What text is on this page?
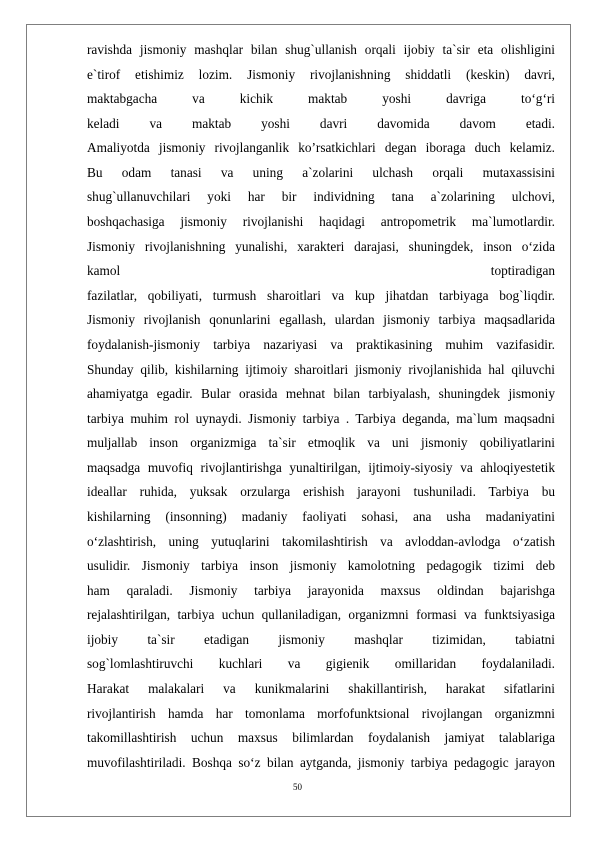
ravishda jismoniy mashqlar bilan shug`ullanish orqali ijobiy ta`sir eta olishligini
e`tirof etishimiz lozim. Jismoniy rivojlanishning shiddatli (keskin) davri,
maktabgacha va kichik maktab yoshi davriga to‘g‘ri
keladi va maktab yoshi davri davomida davom etadi.
Amaliyotda jismoniy rivojlanganlik ko’rsatkichlari degan iboraga duch kelamiz.
Bu odam tanasi va uning a`zolarini ulchash orqali mutaxassisini
shug`ullanuvchilari yoki har bir individning tana a`zolarining ulchovi,
boshqachasiga jismoniy rivojlanishi haqidagi antropometrik ma`lumotlardir.
Jismoniy rivojlanishning yunalishi, xarakteri darajasi, shuningdek, inson o‘zida
kamol toptiradigan
fazilatlar, qobiliyati, turmush sharoitlari va kup jihatdan tarbiyaga bog`liqdir.
Jismoniy rivojlanish qonunlarini egallash, ulardan jismoniy tarbiya maqsadlarida
foydalanish-jismoniy tarbiya nazariyasi va praktikasining muhim vazifasidir.
Shunday qilib, kishilarning ijtimoiy sharoitlari jismoniy rivojlanishida hal qiluvchi
ahamiyatga egadir. Bular orasida mehnat bilan tarbiyalash, shuningdek jismoniy
tarbiya muhim rol uynaydi. Jismoniy tarbiya . Tarbiya deganda, ma`lum maqsadni
muljallab inson organizmiga ta`sir etmoqlik va uni jismoniy qobiliyatlarini
maqsadga muvofiq rivojlantirishga yunaltirilgan, ijtimoiy-siyosiy va ahloqiyestetik
ideallar ruhida, yuksak orzularga erishish jarayoni tushuniladi. Tarbiya bu
kishilarning (insonning) madaniy faoliyati sohasi, ana usha madaniyatini
o‘zlashtirish, uning yutuqlarini takomilashtirish va avloddan-avlodga o‘zatish
usulidir. Jismoniy tarbiya inson jismoniy kamolotning pedagogik tizimi deb
ham qaraladi. Jismoniy tarbiya jarayonida maxsus oldindan bajarishga
rejalashtirilgan, tarbiya uchun qullaniladigan, organizmni formasi va funktsiyasiga
ijobiy ta`sir etadigan jismoniy mashqlar tizimidan, tabiatni
sog`lomlashtiruvchi kuchlari va gigienik omillaridan foydalaniladi.
Harakat malakalari va kunikmalarini shakillantirish, harakat sifatlarini
rivojlantirish hamda har tomonlama morfofunktsional rivojlangan organizmni
takomillashtirish uchun maxsus bilimlardan foydalanish jamiyat talablariga
muvofilashtiriladi. Boshqa so‘z bilan aytganda, jismoniy tarbiya pedagogic jarayon
50
